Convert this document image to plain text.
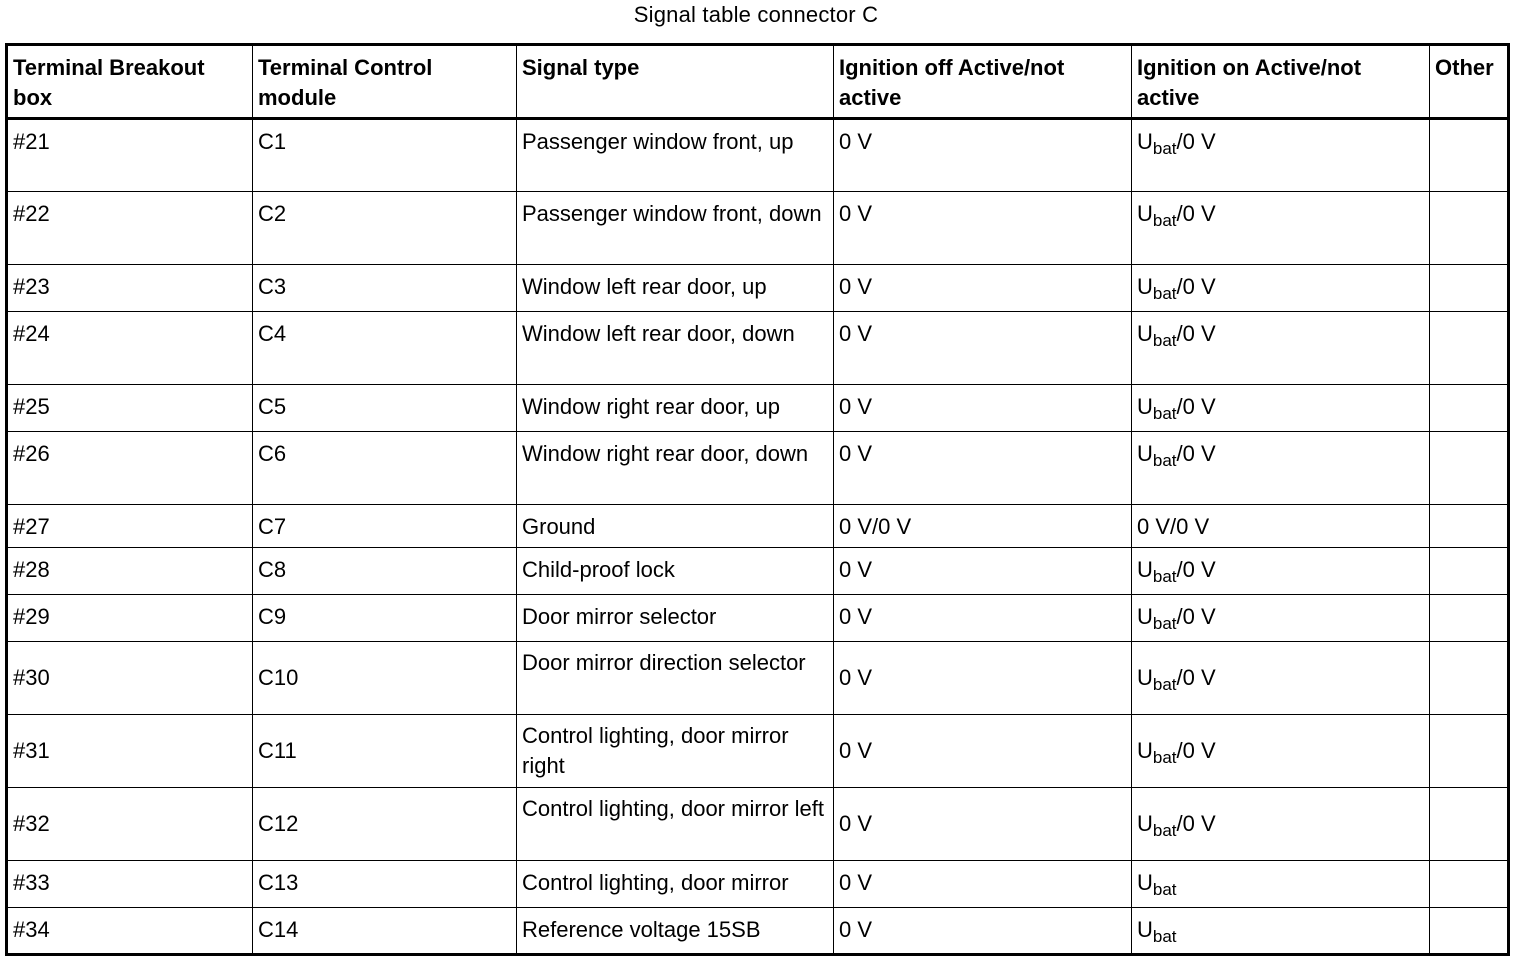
Signal table connector C
Terminal Breakout box	Terminal Control module	Signal type	Ignition off Active/not active	Ignition on Active/not active	Other
#21	C1	Passenger window front, up	0 V	$U_{bat}/0$ V	
#22	C2	Passenger window front, down	0 V	$U_{bat}/0$ V	
#23	C3	Window left rear door, up	0 V	$U_{bat}/0$ V	
#24	C4	Window left rear door, down	0 V	$U_{bat}/0$ V	
#25	C5	Window right rear door, up	0 V	$U_{bat}/0$ V	
#26	C6	Window right rear door, down	0 V	$U_{bat}/0$ V	
#27	C7	Ground	0 V/0 V	0 V/0 V	
#28	C8	Child-proof lock	0 V	$U_{bat}/0$ V	
#29	C9	Door mirror selector	0 V	$U_{bat}/0$ V	
#30	C10	Door mirror direction selector	0 V	$U_{bat}/0$ V	
#31	C11	Control lighting, door mirror right	0 V	$U_{bat}/0$ V	
#32	C12	Control lighting, door mirror left	0 V	$U_{bat}/0$ V	
#33	C13	Control lighting, door mirror	0 V	$U_{bat}$	
#34	C14	Reference voltage 15SB	0 V	$U_{bat}$	
